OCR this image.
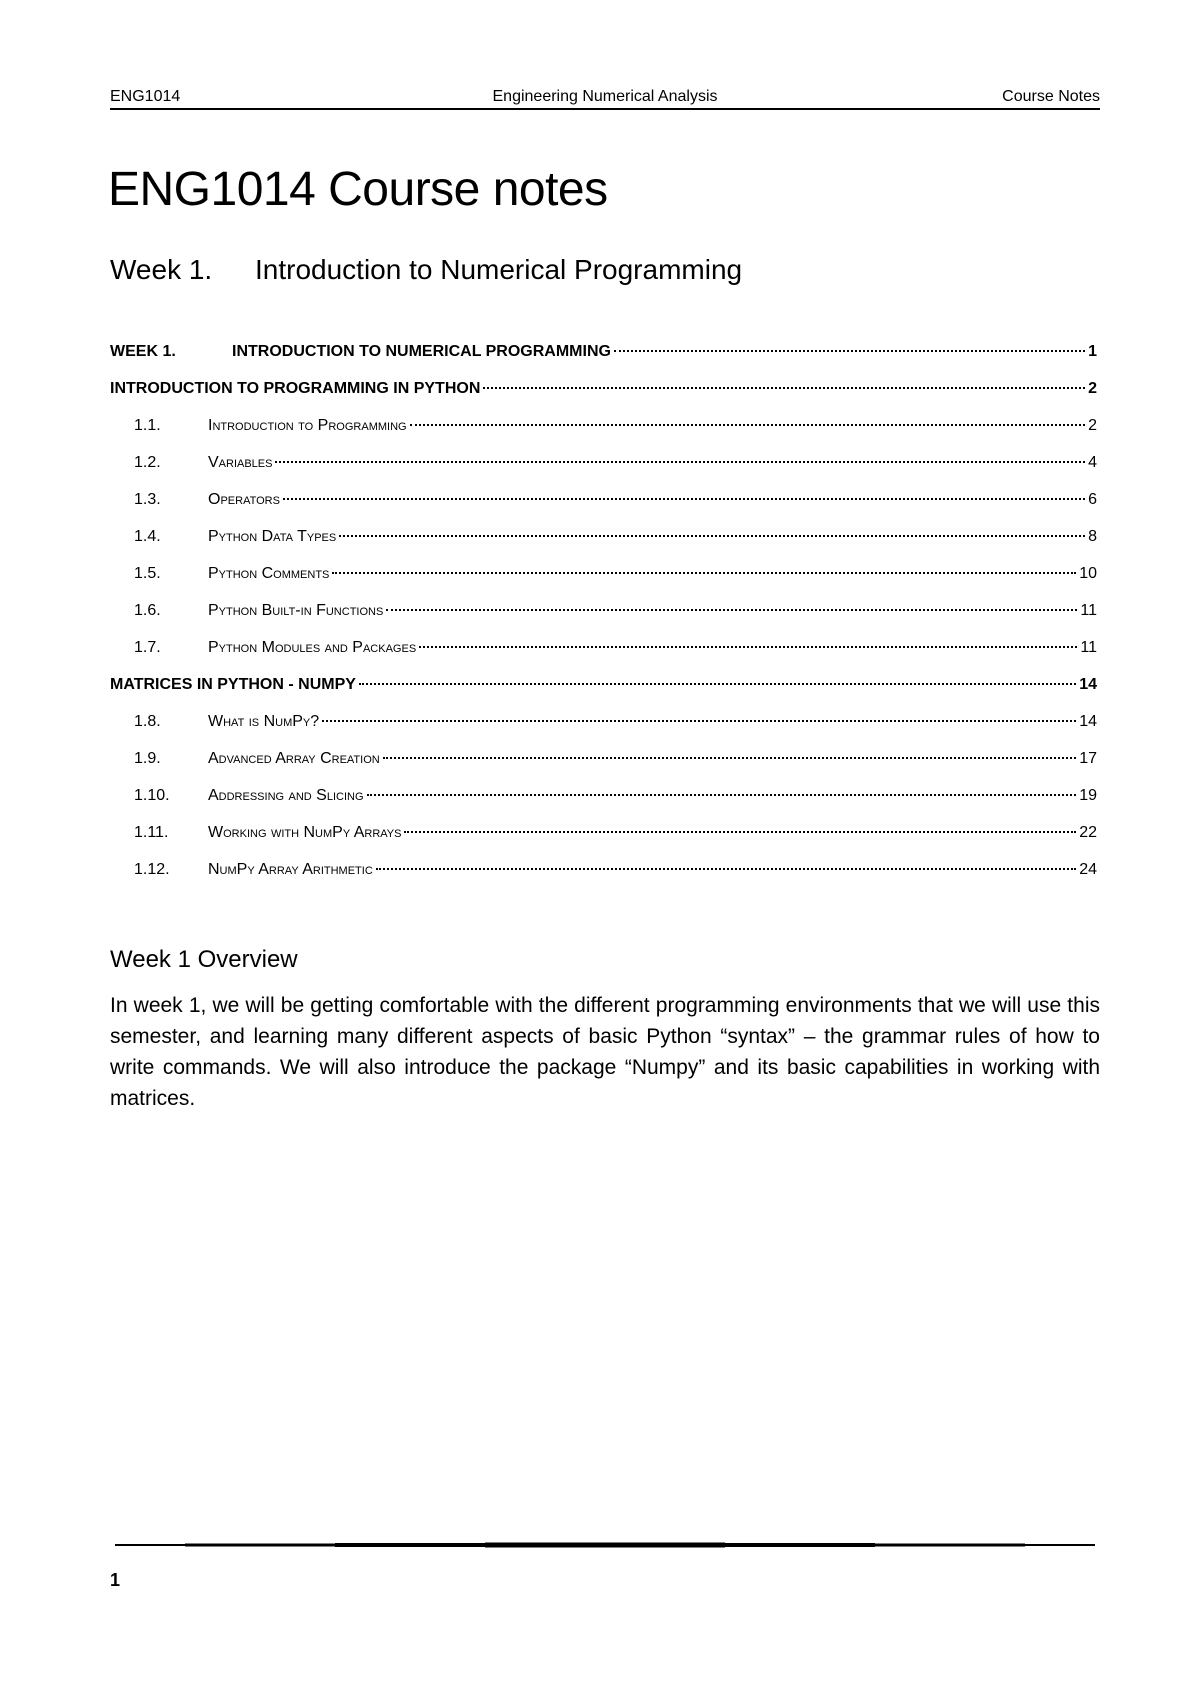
ENG1014	Engineering Numerical Analysis	Course Notes
ENG1014 Course notes
Week 1. Introduction to Numerical Programming
WEEK 1.	INTRODUCTION TO NUMERICAL PROGRAMMING	1
INTRODUCTION TO PROGRAMMING IN PYTHON	2
1.1.	Introduction to Programming	2
1.2.	Variables	4
1.3.	Operators	6
1.4.	Python Data Types	8
1.5.	Python Comments	10
1.6.	Python Built-in Functions	11
1.7.	Python Modules and Packages	11
MATRICES IN PYTHON - NUMPY	14
1.8.	What is NumPy?	14
1.9.	Advanced Array Creation	17
1.10.	Addressing and Slicing	19
1.11.	Working with NumPy Arrays	22
1.12.	NumPy Array Arithmetic	24
Week 1 Overview

In week 1, we will be getting comfortable with the different programming environments that we will use this semester, and learning many different aspects of basic Python “syntax” – the grammar rules of how to write commands. We will also introduce the package “Numpy” and its basic capabilities in working with matrices.

1
